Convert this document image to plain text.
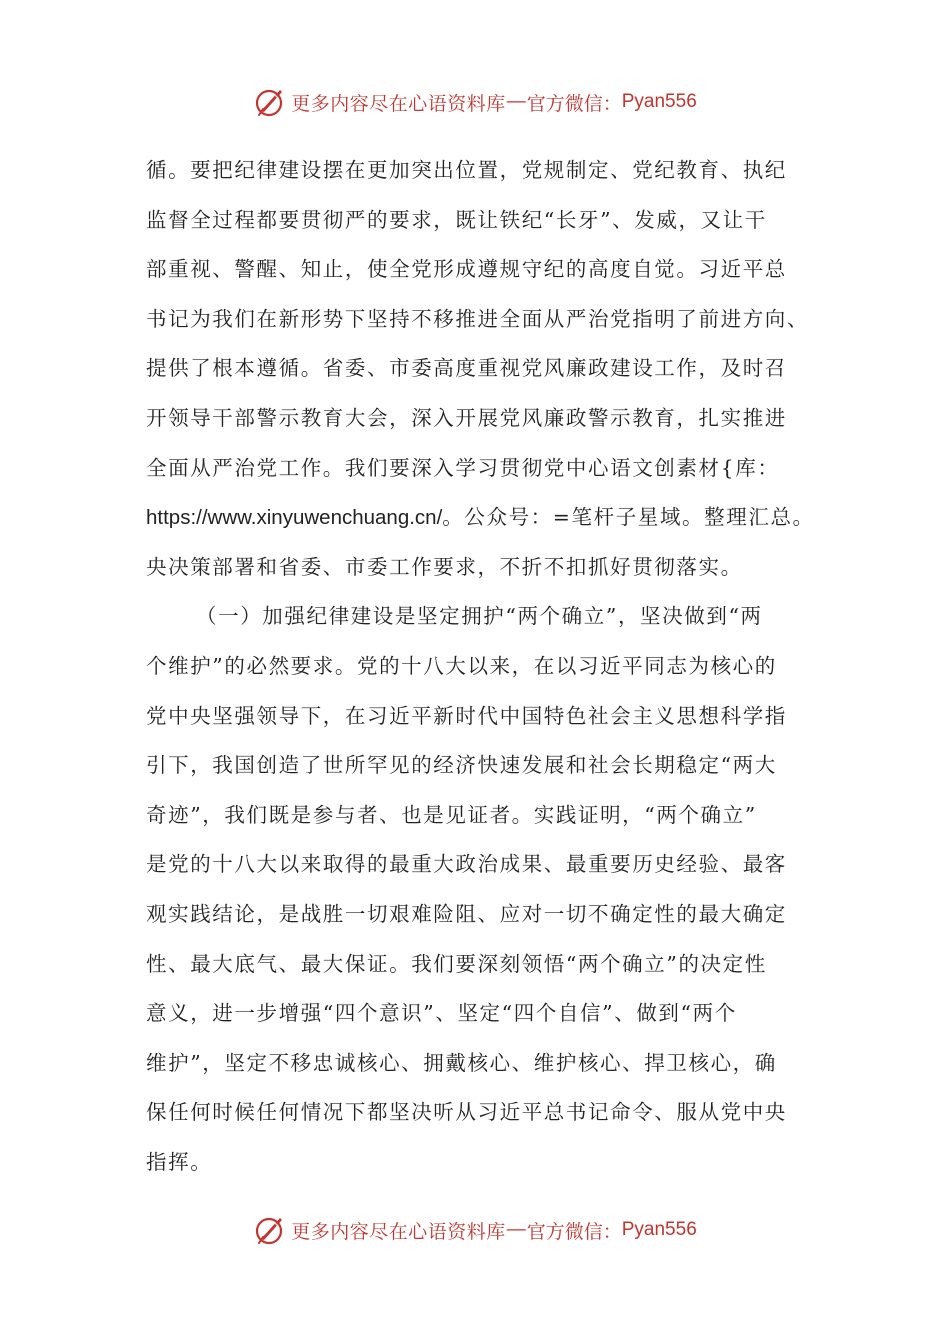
更多内容尽在心语资料库 — 官方微信： Pyan556

循。要把纪律建设摆在更加突出位置，党规制定、党纪教育、执纪
监督全过程都要贯彻严的要求，既让铁纪“长牙”、发威，又让干
部重视、警醒、知止，使全党形成遵规守纪的高度自觉。习近平总
书记为我们在新形势下坚持不移推进全面从严治党指明了前进方向、
提供了根本遵循。省委、市委高度重视党风廉政建设工作，及时召
开领导干部警示教育大会，深入开展党风廉政警示教育，扎实推进
全面从严治党工作。我们要深入学习贯彻党中心语文创素材{库：
https://www.xinyuwenchuang.cn/。公众号：=笔杆子星域。整理汇总。
央决策部署和省委、市委工作要求，不折不扣抓好贯彻落实。

（一）加强纪律建设是坚定拥护“两个确立”，坚决做到“两
个维护”的必然要求。党的十八大以来，在以习近平同志为核心的
党中央坚强领导下，在习近平新时代中国特色社会主义思想科学指
引下，我国创造了世所罕见的经济快速发展和社会长期稳定“两大
奇迹”，我们既是参与者、也是见证者。实践证明，“两个确立”
是党的十八大以来取得的最重大政治成果、最重要历史经验、最客
观实践结论，是战胜一切艰难险阻、应对一切不确定性的最大确定
性、最大底气、最大保证。我们要深刻领悟“两个确立”的决定性
意义，进一步增强“四个意识”、坚定“四个自信”、做到“两个
维护”，坚定不移忠诚核心、拥戴核心、维护核心、捍卫核心，确
保任何时候任何情况下都坚决听从习近平总书记命令、服从党中央
指挥。

更多内容尽在心语资料库 — 官方微信： Pyan556
